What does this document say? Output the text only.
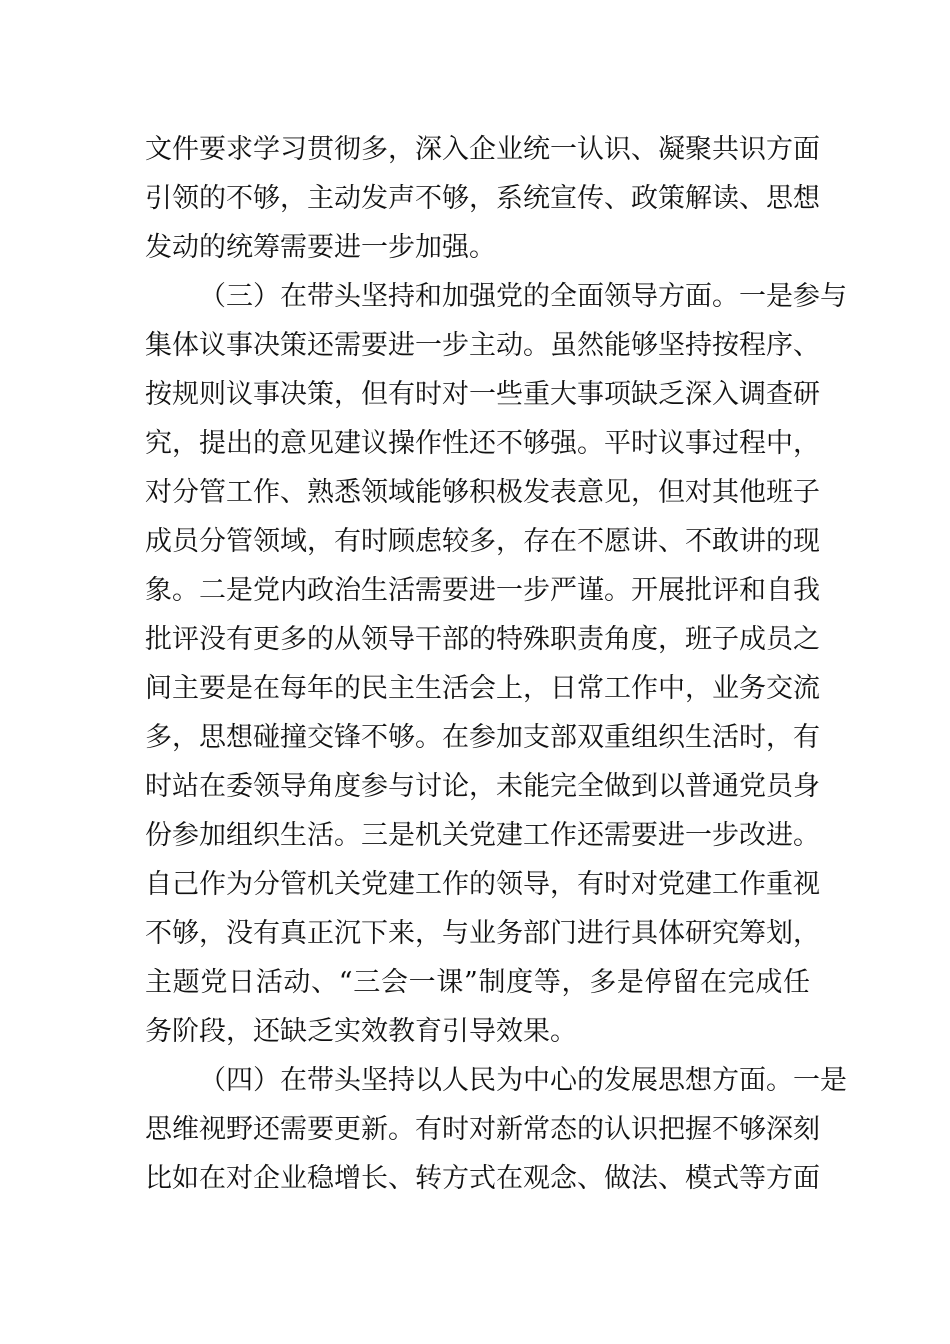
文件要求学习贯彻多，深入企业统一认识、凝聚共识方面
引领的不够，主动发声不够，系统宣传、政策解读、思想
发动的统筹需要进一步加强。
（三）在带头坚持和加强党的全面领导方面。一是参与
集体议事决策还需要进一步主动。虽然能够坚持按程序、
按规则议事决策，但有时对一些重大事项缺乏深入调查研
究，提出的意见建议操作性还不够强。平时议事过程中，
对分管工作、熟悉领域能够积极发表意见，但对其他班子
成员分管领域，有时顾虑较多，存在不愿讲、不敢讲的现
象。二是党内政治生活需要进一步严谨。开展批评和自我
批评没有更多的从领导干部的特殊职责角度，班子成员之
间主要是在每年的民主生活会上，日常工作中，业务交流
多，思想碰撞交锋不够。在参加支部双重组织生活时，有
时站在委领导角度参与讨论，未能完全做到以普通党员身
份参加组织生活。三是机关党建工作还需要进一步改进。
自己作为分管机关党建工作的领导，有时对党建工作重视
不够，没有真正沉下来，与业务部门进行具体研究筹划，
主题党日活动、“三会一课”制度等，多是停留在完成任
务阶段，还缺乏实效教育引导效果。
（四）在带头坚持以人民为中心的发展思想方面。一是
思维视野还需要更新。有时对新常态的认识把握不够深刻
比如在对企业稳增长、转方式在观念、做法、模式等方面
